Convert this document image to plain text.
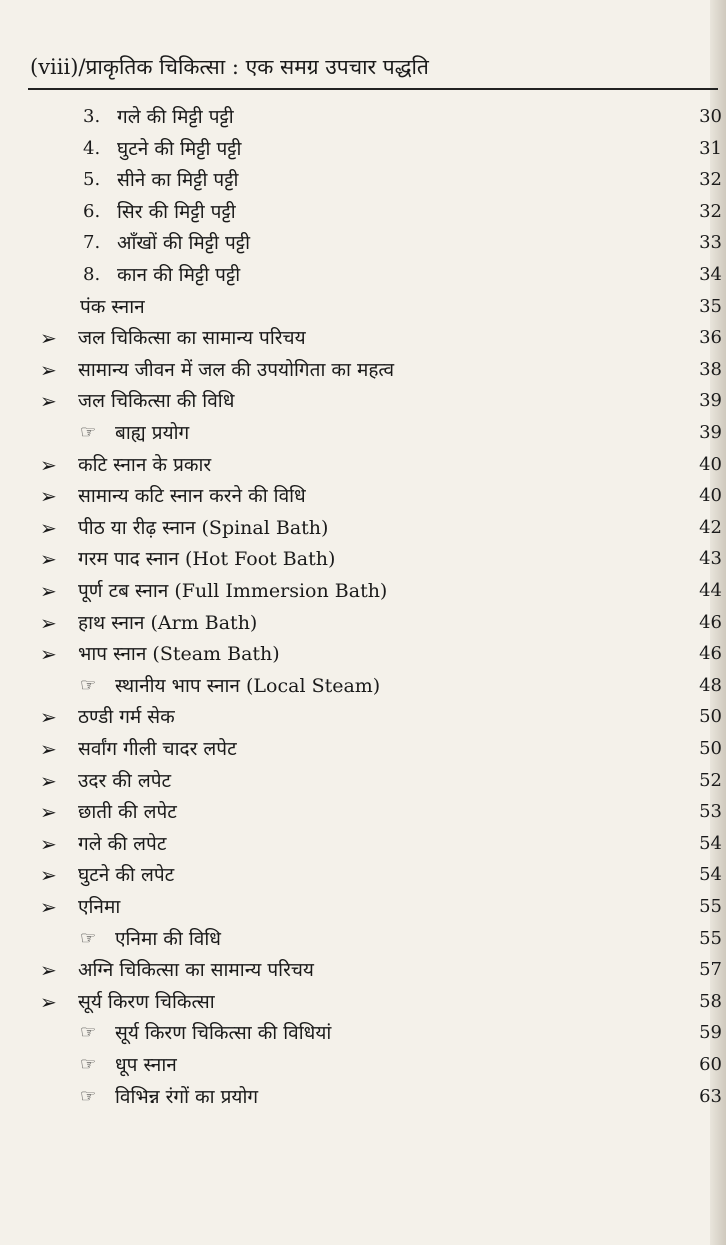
(viii)/प्राकृतिक चिकित्सा : एक समग्र उपचार पद्धति
3. गले की मिट्टी पट्टी	30
4. घुटने की मिट्टी पट्टी	31
5. सीने का मिट्टी पट्टी	32
6. सिर की मिट्टी पट्टी	32
7. आँखों की मिट्टी पट्टी	33
8. कान की मिट्टी पट्टी	34
पंक स्नान	35
➢ जल चिकित्सा का सामान्य परिचय	36
➢ सामान्य जीवन में जल की उपयोगिता का महत्व	38
➢ जल चिकित्सा की विधि	39
☞ बाह्य प्रयोग	39
➢ कटि स्नान के प्रकार	40
➢ सामान्य कटि स्नान करने की विधि	40
➢ पीठ या रीढ़ स्नान (Spinal Bath)	42
➢ गरम पाद स्नान (Hot Foot Bath)	43
➢ पूर्ण टब स्नान (Full Immersion Bath)	44
➢ हाथ स्नान (Arm Bath)	46
➢ भाप स्नान (Steam Bath)	46
☞ स्थानीय भाप स्नान (Local Steam)	48
➢ ठण्डी गर्म सेक	50
➢ सर्वांग गीली चादर लपेट	50
➢ उदर की लपेट	52
➢ छाती की लपेट	53
➢ गले की लपेट	54
➢ घुटने की लपेट	54
➢ एनिमा	55
☞ एनिमा की विधि	55
➢ अग्नि चिकित्सा का सामान्य परिचय	57
➢ सूर्य किरण चिकित्सा	58
☞ सूर्य किरण चिकित्सा की विधियां	59
☞ धूप स्नान	60
☞ विभिन्न रंगों का प्रयोग	63
